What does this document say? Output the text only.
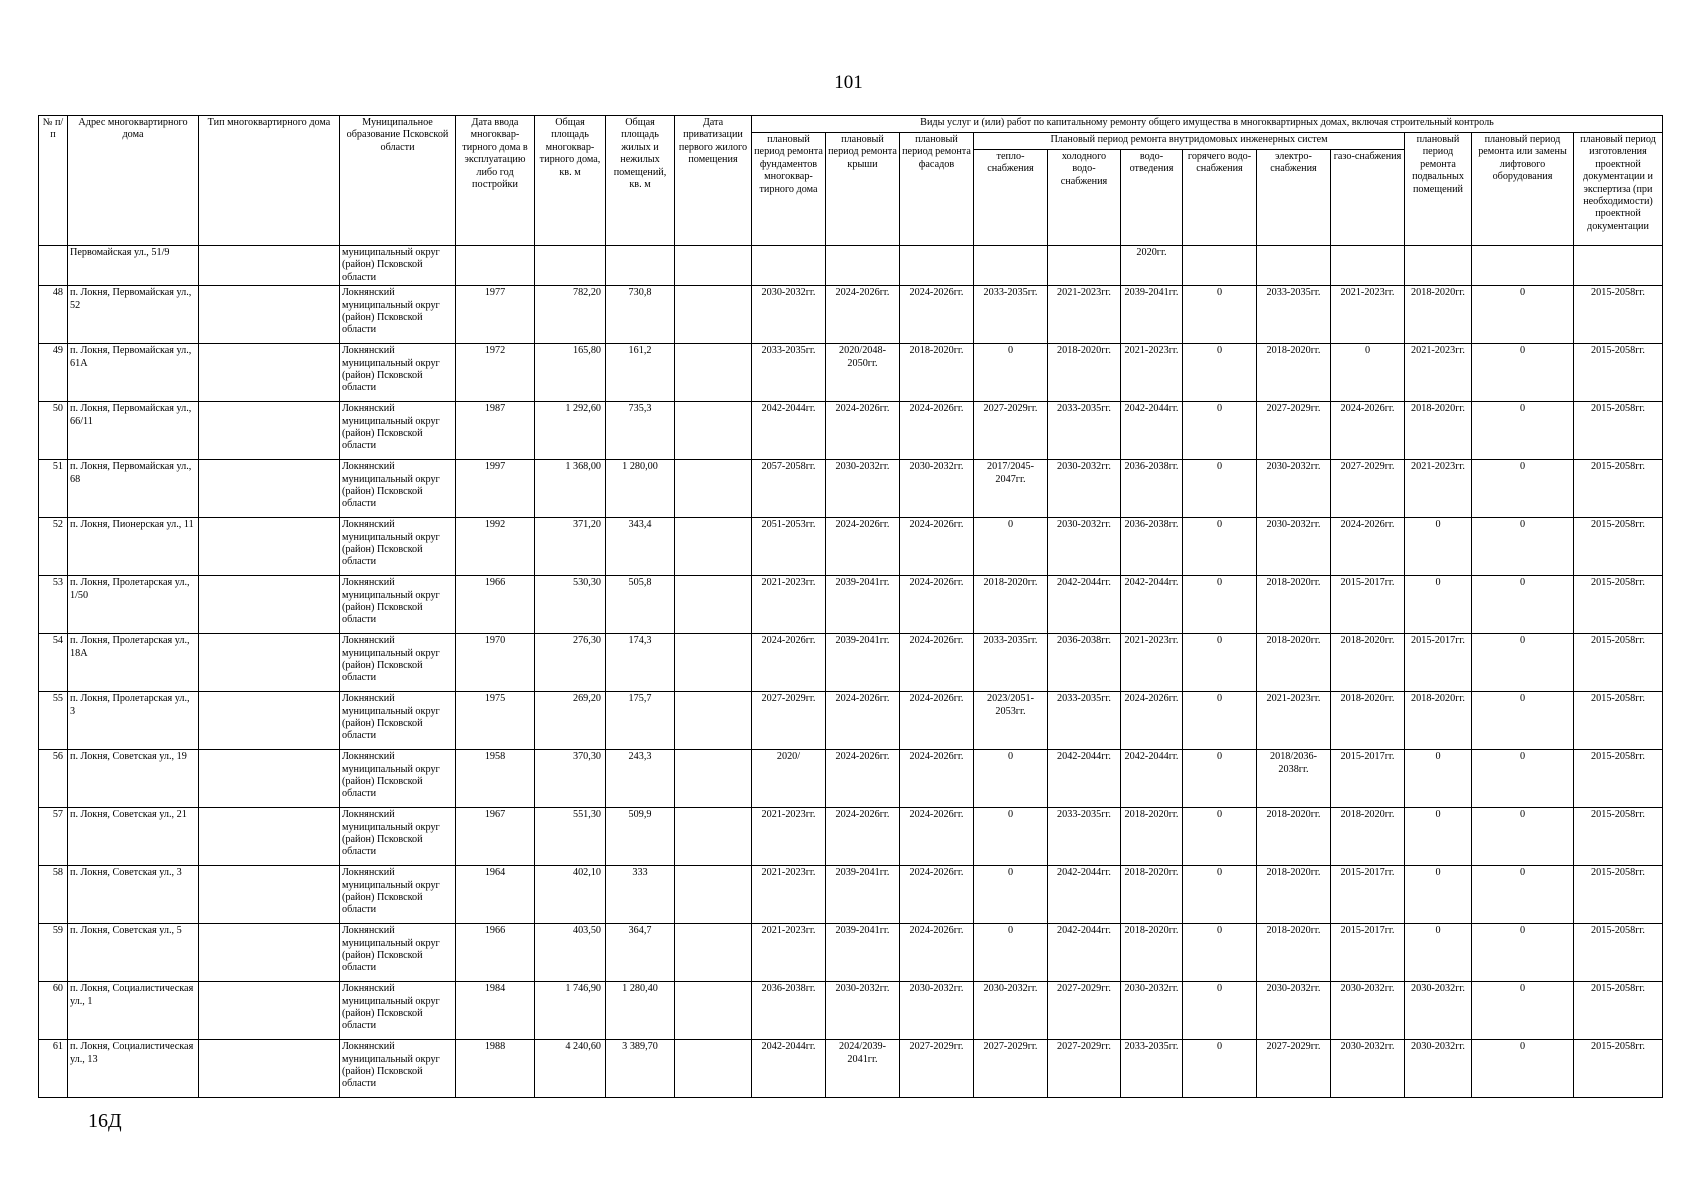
101
№ п/п	Адрес многоквартирного дома	Тип многоквартирного дома	Муниципальное образование Псковской области	Дата ввода многоквар-тирного дома в эксплуатацию либо год постройки	Общая площадь многоквар-тирного дома, кв. м	Общая площадь жилых и нежилых помещений, кв. м	Дата приватизации первого жилого помещения	Виды услуг и (или) работ по капитальному ремонту общего имущества в многоквартирных домах, включая строительный контроль											
								плановый период ремонта фундаментов многоквар-тирного дома	плановый период ремонта крыши	плановый период ремонта фасадов	Плановый период ремонта внутридомовых инженерных систем						плановый период ремонта подвальных помещений	плановый период ремонта или замены лифтового оборудования	плановый период изготовления проектной документации и экспертиза (при необходимости) проектной документации
											тепло-снабжения	холодного водо-снабжения	водо-отведения	горячего водо-снабжения	электро-снабжения	газо-снабжения			
	Первомайская ул., 51/9		муниципальный округ (район) Псковской области										2020гг.						
48	п. Локня, Первомайская ул., 52		Локнянский муниципальный округ (район) Псковской области	1977	782,20	730,8		2030-2032гг.	2024-2026гг.	2024-2026гг.	2033-2035гг.	2021-2023гг.	2039-2041гг.	0	2033-2035гг.	2021-2023гг.	2018-2020гг.	0	2015-2058гг.
49	п. Локня, Первомайская ул., 61А		Локнянский муниципальный округ (район) Псковской области	1972	165,80	161,2		2033-2035гг.	2020/2048-2050гг.	2018-2020гг.	0	2018-2020гг.	2021-2023гг.	0	2018-2020гг.	0	2021-2023гг.	0	2015-2058гг.
50	п. Локня, Первомайская ул., 66/11		Локнянский муниципальный округ (район) Псковской области	1987	1 292,60	735,3		2042-2044гг.	2024-2026гг.	2024-2026гг.	2027-2029гг.	2033-2035гг.	2042-2044гг.	0	2027-2029гг.	2024-2026гг.	2018-2020гг.	0	2015-2058гг.
51	п. Локня, Первомайская ул., 68		Локнянский муниципальный округ (район) Псковской области	1997	1 368,00	1 280,00		2057-2058гг.	2030-2032гг.	2030-2032гг.	2017/2045-2047гг.	2030-2032гг.	2036-2038гг.	0	2030-2032гг.	2027-2029гг.	2021-2023гг.	0	2015-2058гг.
52	п. Локня, Пионерская ул., 11		Локнянский муниципальный округ (район) Псковской области	1992	371,20	343,4		2051-2053гг.	2024-2026гг.	2024-2026гг.	0	2030-2032гг.	2036-2038гг.	0	2030-2032гг.	2024-2026гг.	0	0	2015-2058гг.
53	п. Локня, Пролетарская ул., 1/50		Локнянский муниципальный округ (район) Псковской области	1966	530,30	505,8		2021-2023гг.	2039-2041гг.	2024-2026гг.	2018-2020гг.	2042-2044гг.	2042-2044гг.	0	2018-2020гг.	2015-2017гг.	0	0	2015-2058гг.
54	п. Локня, Пролетарская ул., 18А		Локнянский муниципальный округ (район) Псковской области	1970	276,30	174,3		2024-2026гг.	2039-2041гг.	2024-2026гг.	2033-2035гг.	2036-2038гг.	2021-2023гг.	0	2018-2020гг.	2018-2020гг.	2015-2017гг.	0	2015-2058гг.
55	п. Локня, Пролетарская ул., 3		Локнянский муниципальный округ (район) Псковской области	1975	269,20	175,7		2027-2029гг.	2024-2026гг.	2024-2026гг.	2023/2051-2053гг.	2033-2035гг.	2024-2026гг.	0	2021-2023гг.	2018-2020гг.	2018-2020гг.	0	2015-2058гг.
56	п. Локня, Советская ул., 19		Локнянский муниципальный округ (район) Псковской области	1958	370,30	243,3		2020/	2024-2026гг.	2024-2026гг.	0	2042-2044гг.	2042-2044гг.	0	2018/2036-2038гг.	2015-2017гг.	0	0	2015-2058гг.
57	п. Локня, Советская ул., 21		Локнянский муниципальный округ (район) Псковской области	1967	551,30	509,9		2021-2023гг.	2024-2026гг.	2024-2026гг.	0	2033-2035гг.	2018-2020гг.	0	2018-2020гг.	2018-2020гг.	0	0	2015-2058гг.
58	п. Локня, Советская ул., 3		Локнянский муниципальный округ (район) Псковской области	1964	402,10	333		2021-2023гг.	2039-2041гг.	2024-2026гг.	0	2042-2044гг.	2018-2020гг.	0	2018-2020гг.	2015-2017гг.	0	0	2015-2058гг.
59	п. Локня, Советская ул., 5		Локнянский муниципальный округ (район) Псковской области	1966	403,50	364,7		2021-2023гг.	2039-2041гг.	2024-2026гг.	0	2042-2044гг.	2018-2020гг.	0	2018-2020гг.	2015-2017гг.	0	0	2015-2058гг.
60	п. Локня, Социалистическая ул., 1		Локнянский муниципальный округ (район) Псковской области	1984	1 746,90	1 280,40		2036-2038гг.	2030-2032гг.	2030-2032гг.	2030-2032гг.	2027-2029гг.	2030-2032гг.	0	2030-2032гг.	2030-2032гг.	2030-2032гг.	0	2015-2058гг.
61	п. Локня, Социалистическая ул., 13		Локнянский муниципальный округ (район) Псковской области	1988	4 240,60	3 389,70		2042-2044гг.	2024/2039-2041гг.	2027-2029гг.	2027-2029гг.	2027-2029гг.	2033-2035гг.	0	2027-2029гг.	2030-2032гг.	2030-2032гг.	0	2015-2058гг.
16Д
